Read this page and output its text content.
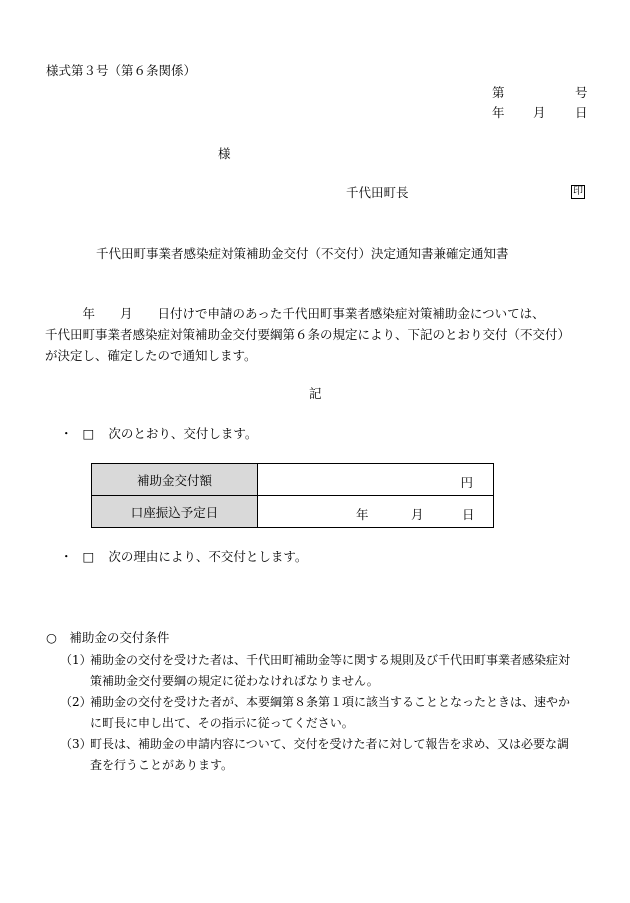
様式第３号（第６条関係）
第	号
年 月 日
様
千代田町長	印
千代田町事業者感染症対策補助金交付（不交付）決定通知書兼確定通知書
　　　年　　月　　日付けで申請のあった千代田町事業者感染症対策補助金については、
千代田町事業者感染症対策補助金交付要綱第６条の規定により、下記のとおり交付（不交付）
が決定し、確定したので通知します。
記
・ □ 次のとおり、交付します。
補助金交付額	円

口座振込予定日	年 月 日
・ □ 次の理由により、不交付とします。
○　補助金の交付条件
（1）
補助金の交付を受けた者は、千代田町補助金等に関する規則及び千代田町事業者感染症対
策補助金交付要綱の規定に従わなければなりません。
（2）
補助金の交付を受けた者が、本要綱第８条第１項に該当することとなったときは、速やか
に町長に申し出て、その指示に従ってください。
（3）
町長は、補助金の申請内容について、交付を受けた者に対して報告を求め、又は必要な調
査を行うことがあります。
